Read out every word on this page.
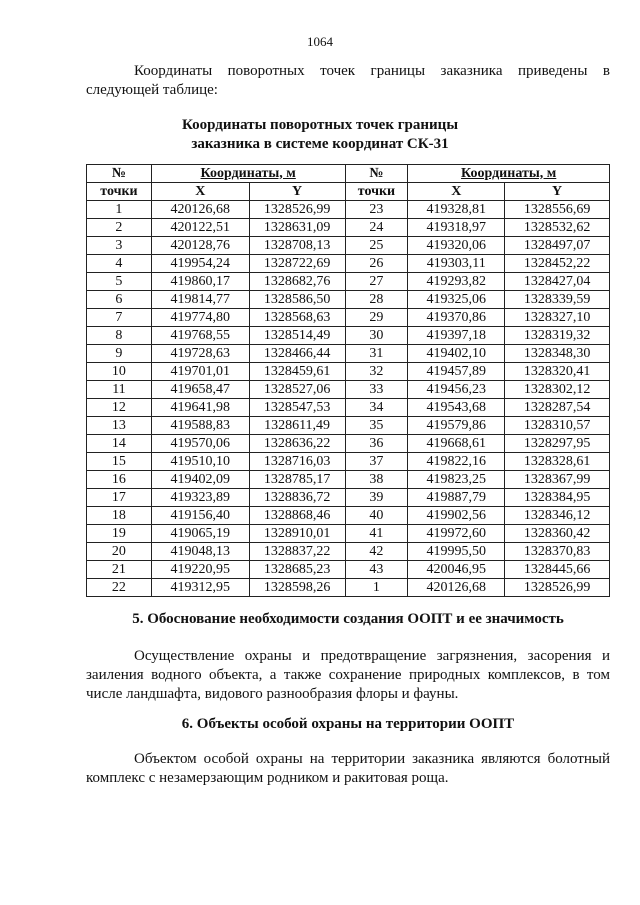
1064
Координаты поворотных точек границы заказника приведены в следующей таблице:
Координаты поворотных точек границы
заказника в системе координат СК-31
№	Координаты, м		№	Координаты, м	
точки	X	Y	точки	X	Y
1	420126,68	1328526,99	23	419328,81	1328556,69
2	420122,51	1328631,09	24	419318,97	1328532,62
3	420128,76	1328708,13	25	419320,06	1328497,07
4	419954,24	1328722,69	26	419303,11	1328452,22
5	419860,17	1328682,76	27	419293,82	1328427,04
6	419814,77	1328586,50	28	419325,06	1328339,59
7	419774,80	1328568,63	29	419370,86	1328327,10
8	419768,55	1328514,49	30	419397,18	1328319,32
9	419728,63	1328466,44	31	419402,10	1328348,30
10	419701,01	1328459,61	32	419457,89	1328320,41
11	419658,47	1328527,06	33	419456,23	1328302,12
12	419641,98	1328547,53	34	419543,68	1328287,54
13	419588,83	1328611,49	35	419579,86	1328310,57
14	419570,06	1328636,22	36	419668,61	1328297,95
15	419510,10	1328716,03	37	419822,16	1328328,61
16	419402,09	1328785,17	38	419823,25	1328367,99
17	419323,89	1328836,72	39	419887,79	1328384,95
18	419156,40	1328868,46	40	419902,56	1328346,12
19	419065,19	1328910,01	41	419972,60	1328360,42
20	419048,13	1328837,22	42	419995,50	1328370,83
21	419220,95	1328685,23	43	420046,95	1328445,66
22	419312,95	1328598,26	1	420126,68	1328526,99
5. Обоснование необходимости создания ООПТ и ее значимость
Осуществление охраны и предотвращение загрязнения, засорения и заиления водного объекта, а также сохранение природных комплексов, в том числе ландшафта, видового разнообразия флоры и фауны.
6. Объекты особой охраны на территории ООПТ
Объектом особой охраны на территории заказника являются болотный комплекс с незамерзающим родником и ракитовая роща.
